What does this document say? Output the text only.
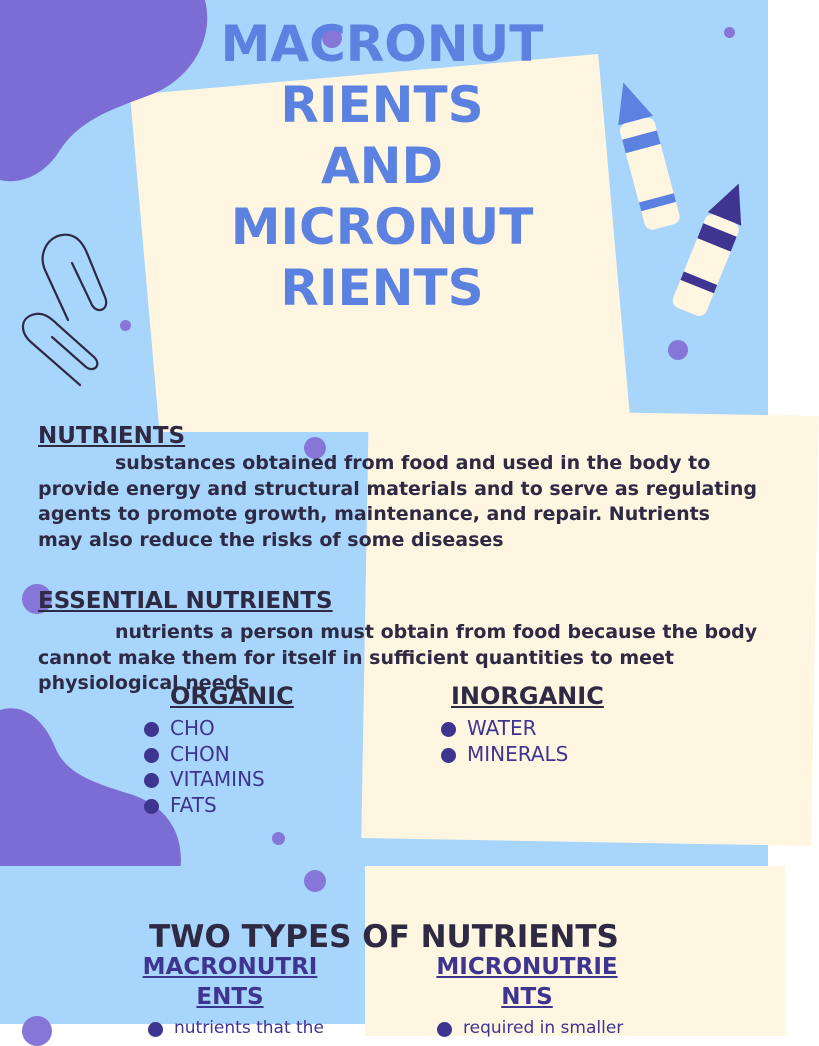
MACRONUT
RIENTS
AND
MICRONUT
RIENTS
NUTRIENTS
substances obtained from food and used in the body to provide energy and structural materials and to serve as regulating agents to promote growth, maintenance, and repair. Nutrients may also reduce the risks of some diseases
ESSENTIAL NUTRIENTS
nutrients a person must obtain from food because the body cannot make them for itself in sufficient quantities to meet physiological needs
ORGANIC
CHO
CHON
VITAMINS
FATS
INORGANIC
WATER
MINERALS
TWO TYPES OF NUTRIENTS
MACRONUTRI
ENTS
MICRONUTRIE
NTS
nutrients that the	required in smaller
